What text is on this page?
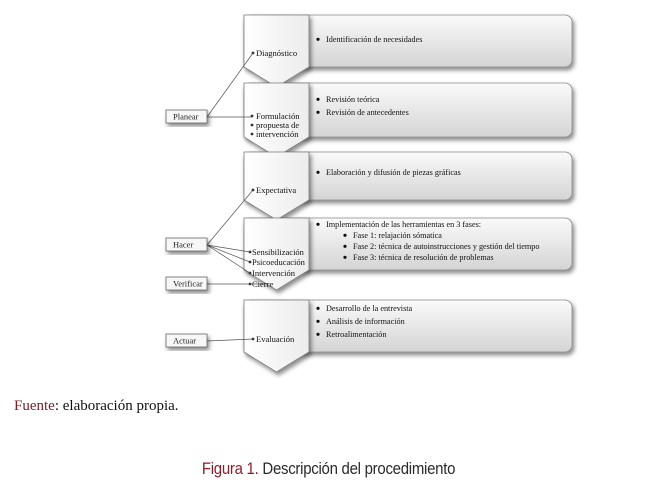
Identificación de necesidades
Revisión teórica
Revisión de antecedentes
Elaboración y difusión de piezas gráficas
Implementación de las herramientas en 3 fases:
Fase 1: relajación sómatica
Fase 2: técnica de autoinstrucciones y gestión del tiempo
Fase 3: técnica de resolución de problemas
Desarrollo de la entrevista
Análisis de información
Retroalimentación
Diagnóstico
Formulación
propuesta de
intervención
Expectativa
Sensibilización
Psicoeducación
Intervención
Cierre
Evaluación
Planear
Hacer
Verificar
Actuar
Fuente: elaboración propia.
Figura 1. Descripción del procedimiento
